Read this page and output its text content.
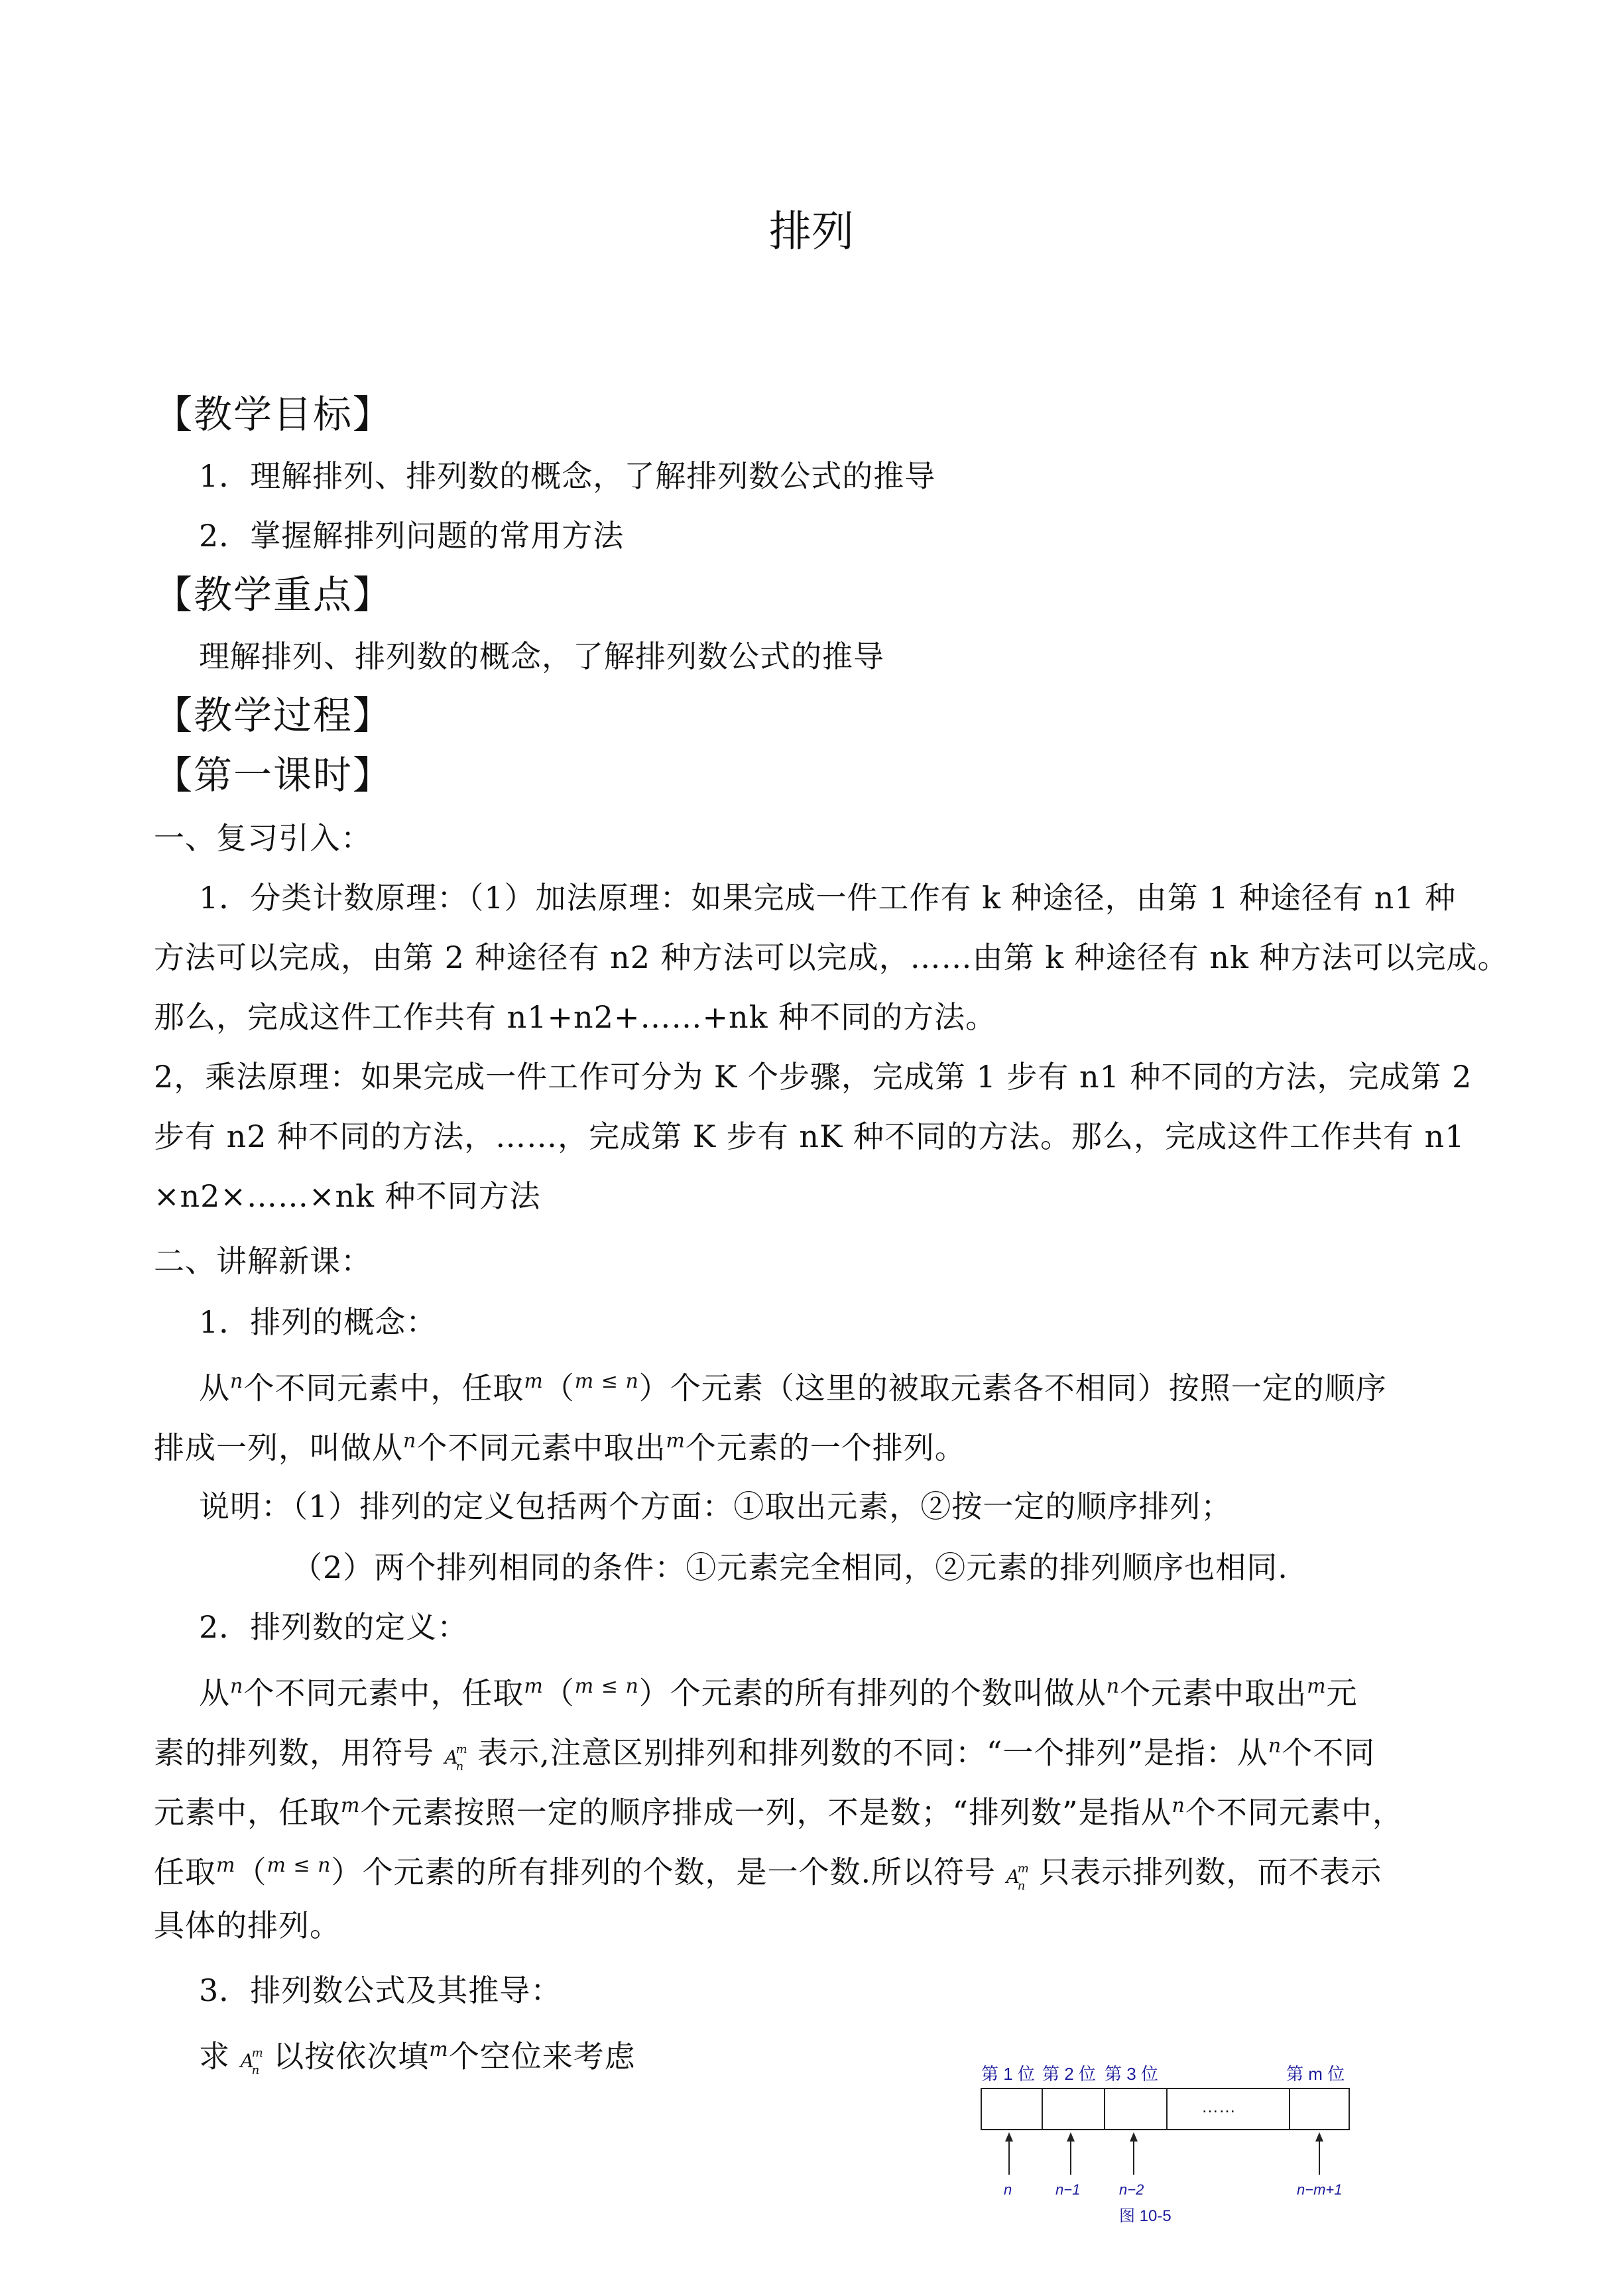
排列
【教学目标】
1．理解排列、排列数的概念，了解排列数公式的推导
2．掌握解排列问题的常用方法
【教学重点】
理解排列、排列数的概念，了解排列数公式的推导
【教学过程】
【第一课时】
一、复习引入：
1．分类计数原理：（1）加法原理：如果完成一件工作有 k 种途径，由第 1 种途径有 n1 种
方法可以完成，由第 2 种途径有 n2 种方法可以完成，……由第 k 种途径有 nk 种方法可以完成。
那么，完成这件工作共有 n1+n2+……+nk 种不同的方法。
2，乘法原理：如果完成一件工作可分为 K 个步骤，完成第 1 步有 n1 种不同的方法，完成第 2
步有 n2 种不同的方法，……，完成第 K 步有 nK 种不同的方法。那么，完成这件工作共有 n1
×n2×……×nk 种不同方法
二、讲解新课：
1．排列的概念：
从$^n$个不同元素中，任取$^m$（$^{m \le n}$）个元素（这里的被取元素各不相同）按照一定的顺序
排成一列，叫做从$^n$个不同元素中取出$^m$个元素的一个排列。
说明：（1）排列的定义包括两个方面：①取出元素，②按一定的顺序排列；
（2）两个排列相同的条件：①元素完全相同，②元素的排列顺序也相同.
2．排列数的定义：
从$^n$个不同元素中，任取$^m$（$^{m \le n}$）个元素的所有排列的个数叫做从$^n$个元素中取出$^m$元
素的排列数，用符号 A
m
n 表示,注意区别排列和排列数的不同：“一个排列”是指：从$^n$个不同
元素中，任取$^m$个元素按照一定的顺序排成一列，不是数；“排列数”是指从$^n$个不同元素中，
任取$^m$（$^{m \le n}$）个元素的所有排列的个数，是一个数.所以符号 A
m
n 只表示排列数，而不表示
具体的排列。
3．排列数公式及其推导：
求 A
m
n 以按依次填$^m$个空位来考虑	第 1 位 第 2 位 第 3 位	第 m 位
……
n	n−1	n−2	n−m+1
图 10-5
